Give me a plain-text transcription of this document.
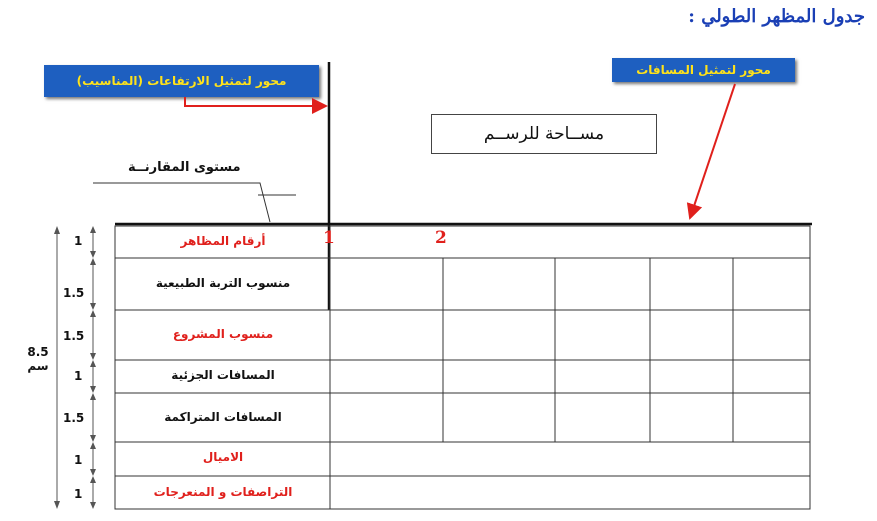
جدول المظهر الطولي :
محور لتمثيل الارتفاعات (المناسيب)
محور لتمثيل المسافات
مســاحة للرســم
مستوى المقارنــة
1	2
أرقام المظاهر
منسوب التربة الطبيعية
منسوب المشروع
المسافات الجزئية
المسافات المتراكمة
الاميال
التراصفات و المنعرجات
1
1.5
1.5
1
1.5
1
1
8.5
سم
